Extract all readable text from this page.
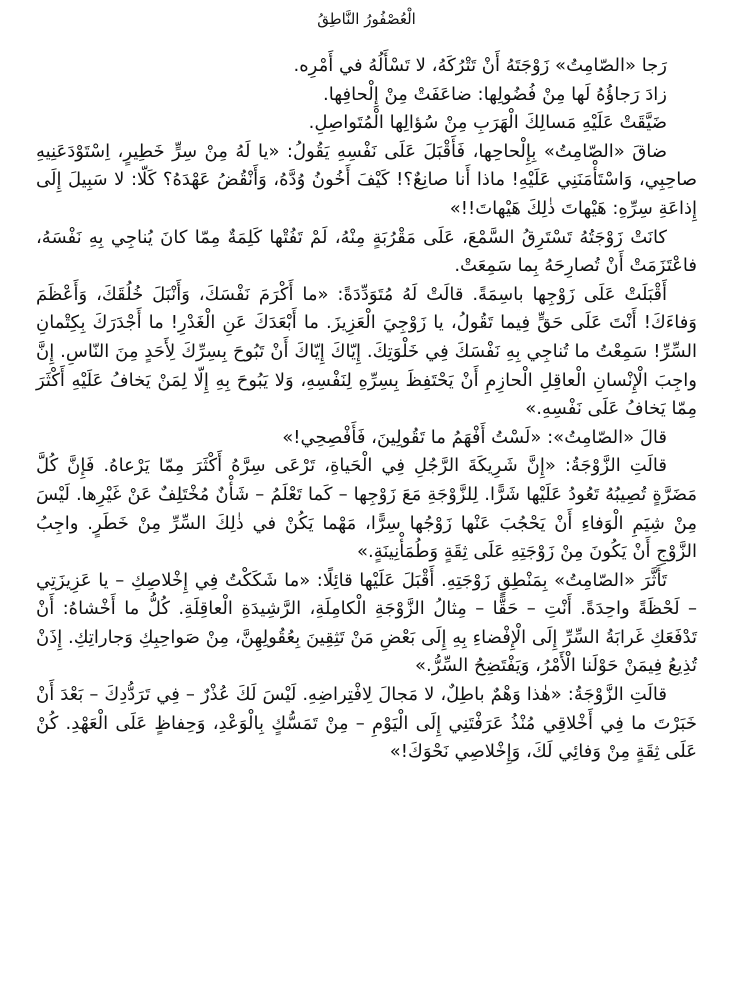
الْعُصْفُورُ النَّاطِقُ

رَجا «الصّامِتُ» زَوْجَتَهُ أَنْ تَتْرُكَهُ، لا تَسْأَلُهُ في أَمْرِه.

زادَ رَجاؤُهُ لَها مِنْ فُضُولِها: ضاعَفَتْ مِنْ إِلْحافِها.

ضَيَّقَتْ عَلَيْهِ مَسالِكَ الْهَرَبِ مِنْ سُؤالِها الْمُتَواصِلِ.

ضاقَ «الصّامِتُ» بِإِلْحاحِها، فَأَقْبَلَ عَلَى نَفْسِهِ يَقُولُ: «يا لَهُ مِنْ سِرٍّ خَطِيرٍ، اِسْتَوْدَعَنِيهِ صاحِبِي، وَاسْتَأْمَنَنِي عَلَيْهِ! ماذا أَنا صانِعٌ؟! كَيْفَ أَخُونُ وُدَّهُ، وَأَنْقُضُ عَهْدَهُ؟ كَلّا: لا سَبِيلَ إِلَى إِذاعَةِ سِرِّهِ: هَيْهاتَ ذٰلِكَ هَيْهاتَ!!»

كانَتْ زَوْجَتُهُ تَسْتَرِقُ السَّمْعَ، عَلَى مَقْرُبَةٍ مِنْهُ، لَمْ تَفُتْها كَلِمَةٌ مِمّا كانَ يُناجِي بِهِ نَفْسَهُ، فاعْتَزَمَتْ أَنْ تُصارِحَهُ بِما سَمِعَتْ.

أَقْبَلَتْ عَلَى زَوْجِها باسِمَةً. قالَتْ لَهُ مُتَوَدِّدَةً: «ما أَكْرَمَ نَفْسَكَ، وَأَنْبَلَ خُلُقَكَ، وَأَعْظَمَ وَفاءَكَ! أَنْتَ عَلَى حَقٍّ فِيما تَقُولُ، يا زَوْجِيَ الْعَزِيزَ. ما أَبْعَدَكَ عَنِ الْغَدْرِ! ما أَجْدَرَكَ بِكِتْمانِ السِّرِّ! سَمِعْتُ ما تُناجِي بِهِ نَفْسَكَ فِي خَلْوَتِكَ. إِيّاكَ إِيّاكَ أَنْ تَبُوحَ بِسِرِّكَ لِأَحَدٍ مِنَ النّاسِ. إِنَّ واجِبَ الْإِنْسانِ الْعاقِلِ الْحازِمِ أَنْ يَحْتَفِظَ بِسِرِّهِ لِنَفْسِهِ، وَلا يَبُوحَ بِهِ إِلّا لِمَنْ يَخافُ عَلَيْهِ أَكْثَرَ مِمّا يَخافُ عَلَى نَفْسِهِ.»

قالَ «الصّامِتُ»: «لَسْتُ أَفْهَمُ ما تَقُولِينَ، فَأَفْصِحِي!»

قالَتِ الزَّوْجَةُ: «إِنَّ شَرِيكَةَ الرَّجُلِ فِي الْحَياةِ، تَرْعَى سِرَّهُ أَكْثَرَ مِمّا يَرْعاهُ. فَإِنَّ كُلَّ مَضَرَّةٍ تُصِيبُهُ تَعُودُ عَلَيْها شَرًّا. لِلزَّوْجَةِ مَعَ زَوْجِها – كَما تَعْلَمُ – شَأْنٌ مُخْتَلِفٌ عَنْ غَيْرِها. لَيْسَ مِنْ شِيَمِ الْوَفاءِ أَنْ يَحْجُبَ عَنْها زَوْجُها سِرًّا، مَهْما يَكُنْ في ذٰلِكَ السِّرِّ مِنْ خَطَرٍ. واجِبُ الزَّوْجِ أَنْ يَكُونَ مِنْ زَوْجَتِهِ عَلَى ثِقَةٍ وَطُمَأْنِينَةٍ.»

تَأَثَّرَ «الصّامِتُ» بِمَنْطِقِ زَوْجَتِهِ. أَقْبَلَ عَلَيْها قائِلًا: «ما شَكَكْتُ فِي إِخْلاصِكِ – يا عَزِيزَتِي – لَحْظَةً واحِدَةً. أَنْتِ – حَقًّا – مِثالُ الزَّوْجَةِ الْكامِلَةِ، الرَّشِيدَةِ الْعاقِلَةِ. كُلُّ ما أَخْشاهُ: أَنْ تَدْفَعَكِ غَرابَةُ السِّرِّ إِلَى الْإِفْضاءِ بِهِ إِلَى بَعْضِ مَنْ تَثِقِينَ بِعُقُولِهِنَّ، مِنْ صَواحِبِكِ وَجاراتِكِ. إِذَنْ تُذِيعُ فِيمَنْ حَوْلَنا الْأَمْرُ، وَيَفْتَضِحُ السِّرُّ.»

قالَتِ الزَّوْجَةُ: «هٰذا وَهْمٌ باطِلٌ، لا مَجالَ لِافْتِراضِهِ. لَيْسَ لَكَ عُذْرٌ – فِي تَرَدُّدِكَ – بَعْدَ أَنْ خَبَرْتَ ما فِي أَخْلاقِي مُنْذُ عَرَفْتَنِي إِلَى الْيَوْمِ – مِنْ تَمَسُّكٍ بِالْوَعْدِ، وَحِفاظٍ عَلَى الْعَهْدِ. كُنْ عَلَى ثِقَةٍ مِنْ وَفائِي لَكَ، وَإِخْلاصِي نَحْوَكَ!»
